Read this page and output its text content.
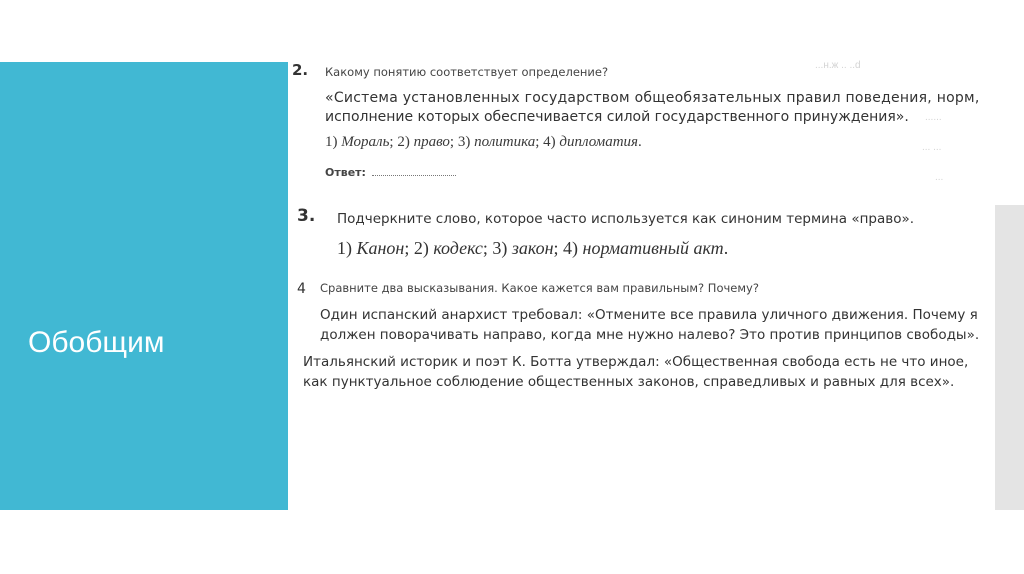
Обобщим
...н.ж .. ..d
......
... ...
...
2. Какому понятию соответствует определение?
«Система установленных государством общеобязательных правил поведения, норм,
исполнение которых обеспечивается силой государственного принуждения».
1) Мораль; 2) право; 3) политика; 4) дипломатия.
Ответ:
3. Подчеркните слово, которое часто используется как синоним термина «право».
1) Канон; 2) кодекс; 3) закон; 4) нормативный акт.
4 Сравните два высказывания. Какое кажется вам правильным? Почему?
Один испанский анархист требовал: «Отмените все правила уличного движения. Почему я
должен поворачивать направо, когда мне нужно налево? Это против принципов свободы».
Итальянский историк и поэт К. Ботта утверждал: «Общественная свобода есть не что иное,
как пунктуальное соблюдение общественных законов, справедливых и равных для всех».
